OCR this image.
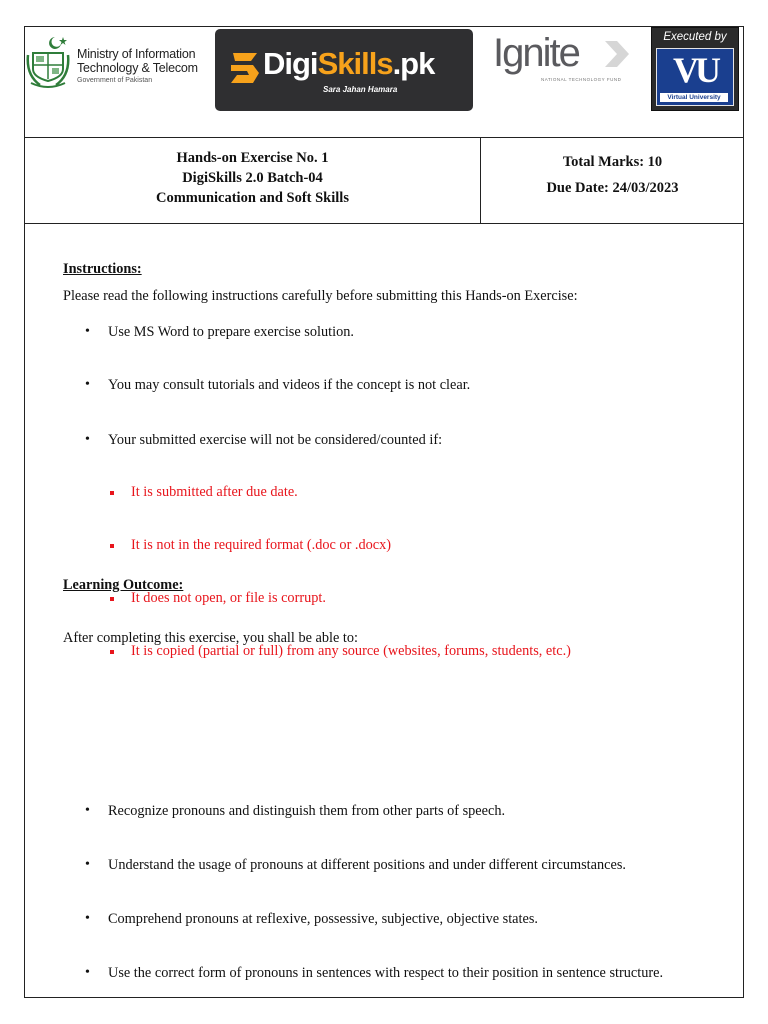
Ministry of Information
Technology & Telecom
Government of Pakistan	DigiSkills.pk
Sara Jahan Hamara
Ignite
NATIONAL TECHNOLOGY FUND
Executed by
VU
Virtual University
Hands-on Exercise No. 1
DigiSkills 2.0 Batch-04
Communication and Soft Skills
Total Marks: 10
Due Date: 24/03/2023
Instructions:
Please read the following instructions carefully before submitting this Hands-on Exercise:
• Use MS Word to prepare exercise solution.
• You may consult tutorials and videos if the concept is not clear.
• Your submitted exercise will not be considered/counted if:
It is submitted after due date.
It is not in the required format (.doc or .docx)
It does not open, or file is corrupt.
It is copied (partial or full) from any source (websites, forums, students, etc.)
Learning Outcome:
After completing this exercise, you shall be able to:
• Recognize pronouns and distinguish them from other parts of speech.
• Understand the usage of pronouns at different positions and under different circumstances.
• Comprehend pronouns at reflexive, possessive, subjective, objective states.
• Use the correct form of pronouns in sentences with respect to their position in sentence structure.
